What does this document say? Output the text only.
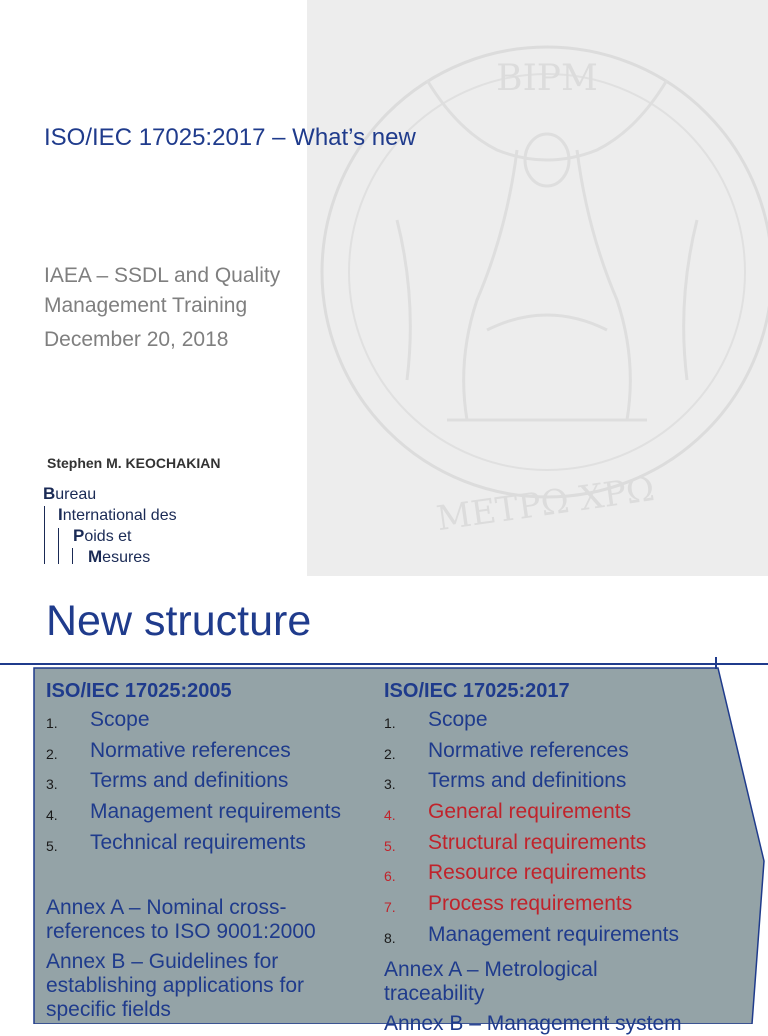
BIPM
ΜΕΤΡΩ ΧΡΩ
ISO/IEC 17025:2017 – What’s new
IAEA – SSDL and Quality
Management Training
December 20, 2018
Stephen M. KEOCHAKIAN
Bureau
International des
Poids et
Mesures
New structure
ISO/IEC 17025:2005
1. Scope
2. Normative references
3. Terms and definitions
4. Management requirements
5. Technical requirements
Annex A – Nominal cross-
references to ISO 9001:2000
Annex B – Guidelines for
establishing applications for
specific fields
ISO/IEC 17025:2017
1. Scope
2. Normative references
3. Terms and definitions
4. General requirements
5. Structural requirements
6. Resource requirements
7. Process requirements
8. Management requirements
Annex A – Metrological
traceability
Annex B – Management system
